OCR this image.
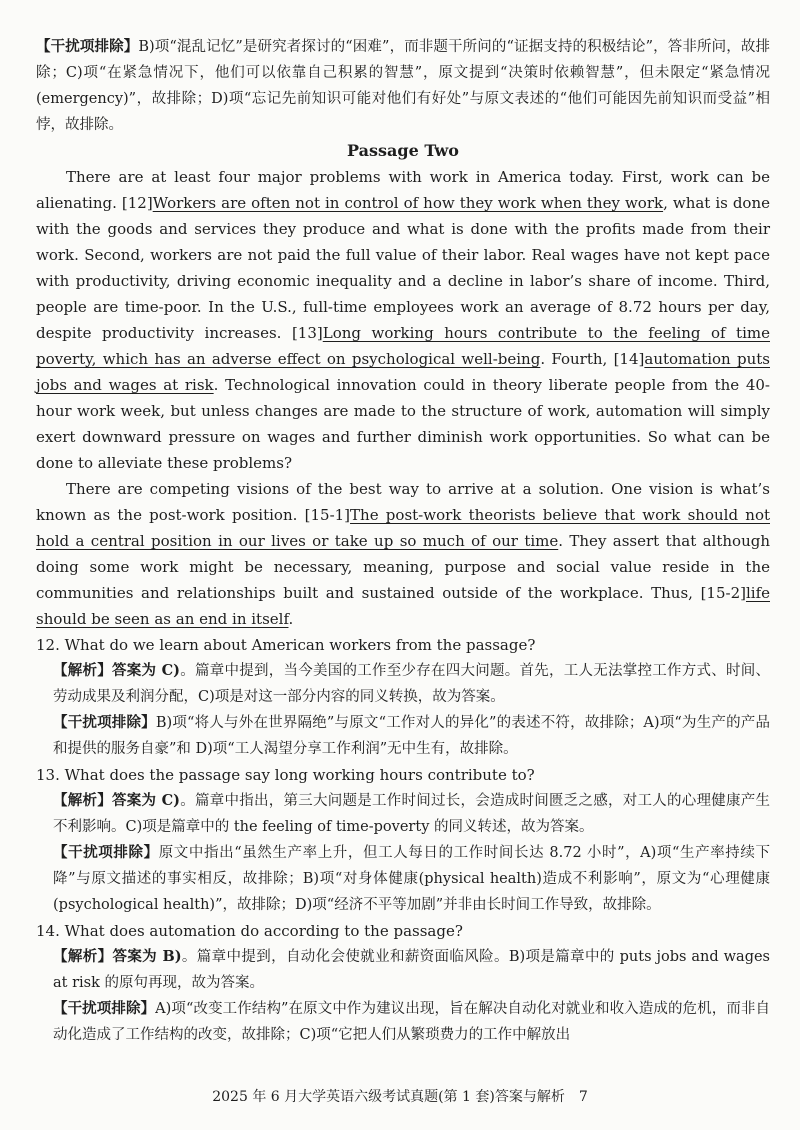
【干扰项排除】B)项“混乱记忆”是研究者探讨的“困难”，而非题干所问的“证据支持的积极结论”，答非所问，故排除；C)项“在紧急情况下，他们可以依靠自己积累的智慧”，原文提到“决策时依赖智慧”，但未限定“紧急情况(emergency)”，故排除；D)项“忘记先前知识可能对他们有好处”与原文表述的“他们可能因先前知识而受益”相悖，故排除。

Passage Two

There are at least four major problems with work in America today. First, work can be alienating. [12]Workers are often not in control of how they work when they work, what is done with the goods and services they produce and what is done with the profits made from their work. Second, workers are not paid the full value of their labor. Real wages have not kept pace with productivity, driving economic inequality and a decline in labor’s share of income. Third, people are time-poor. In the U.S., full-time employees work an average of 8.72 hours per day, despite productivity increases. [13]Long working hours contribute to the feeling of time poverty, which has an adverse effect on psychological well-being. Fourth, [14]automation puts jobs and wages at risk. Technological innovation could in theory liberate people from the 40-hour work week, but unless changes are made to the structure of work, automation will simply exert downward pressure on wages and further diminish work opportunities. So what can be done to alleviate these problems?

There are competing visions of the best way to arrive at a solution. One vision is what’s known as the post-work position. [15-1]The post-work theorists believe that work should not hold a central position in our lives or take up so much of our time. They assert that although doing some work might be necessary, meaning, purpose and social value reside in the communities and relationships built and sustained outside of the workplace. Thus, [15-2]life should be seen as an end in itself.

12. What do we learn about American workers from the passage?

【解析】答案为 C)。篇章中提到，当今美国的工作至少存在四大问题。首先，工人无法掌控工作方式、时间、劳动成果及利润分配，C)项是对这一部分内容的同义转换，故为答案。

【干扰项排除】B)项“将人与外在世界隔绝”与原文“工作对人的异化”的表述不符，故排除；A)项“为生产的产品和提供的服务自豪”和 D)项“工人渴望分享工作利润”无中生有，故排除。

13. What does the passage say long working hours contribute to?

【解析】答案为 C)。篇章中指出，第三大问题是工作时间过长，会造成时间匮乏之感，对工人的心理健康产生不利影响。C)项是篇章中的 the feeling of time-poverty 的同义转述，故为答案。

【干扰项排除】原文中指出“虽然生产率上升，但工人每日的工作时间长达 8.72 小时”，A)项“生产率持续下降”与原文描述的事实相反，故排除；B)项“对身体健康(physical health)造成不利影响”，原文为“心理健康(psychological health)”，故排除；D)项“经济不平等加剧”并非由长时间工作导致，故排除。

14. What does automation do according to the passage?

【解析】答案为 B)。篇章中提到，自动化会使就业和薪资面临风险。B)项是篇章中的 puts jobs and wages at risk 的原句再现，故为答案。

【干扰项排除】A)项“改变工作结构”在原文中作为建议出现，旨在解决自动化对就业和收入造成的危机，而非自动化造成了工作结构的改变，故排除；C)项“它把人们从繁琐费力的工作中解放出

2025 年 6 月大学英语六级考试真题(第 1 套)答案与解析　7
